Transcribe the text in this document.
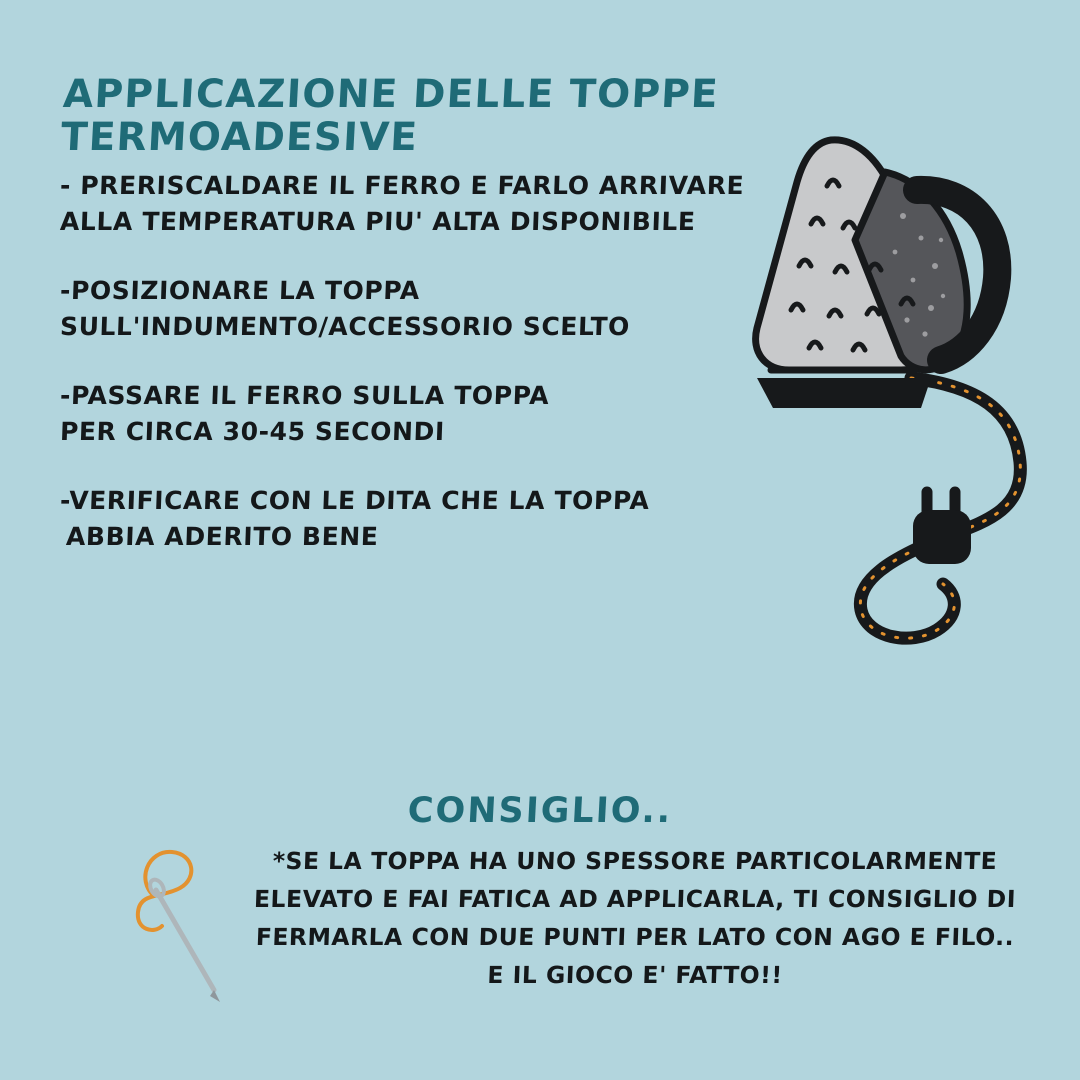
APPLICAZIONE DELLE TOPPE TERMOADESIVE
- PRERISCALDARE IL FERRO E FARLO ARRIVARE
ALLA TEMPERATURA PIU' ALTA DISPONIBILE
-POSIZIONARE LA TOPPA
SULL'INDUMENTO/ACCESSORIO SCELTO
-PASSARE IL FERRO SULLA TOPPA
PER CIRCA 30-45 SECONDI
-VERIFICARE CON LE DITA CHE LA TOPPA
ABBIA ADERITO BENE
CONSIGLIO..
*SE LA TOPPA HA UNO SPESSORE PARTICOLARMENTE
ELEVATO E FAI FATICA AD APPLICARLA, TI CONSIGLIO DI
FERMARLA CON DUE PUNTI PER LATO CON AGO E FILO..
E IL GIOCO E' FATTO!!
